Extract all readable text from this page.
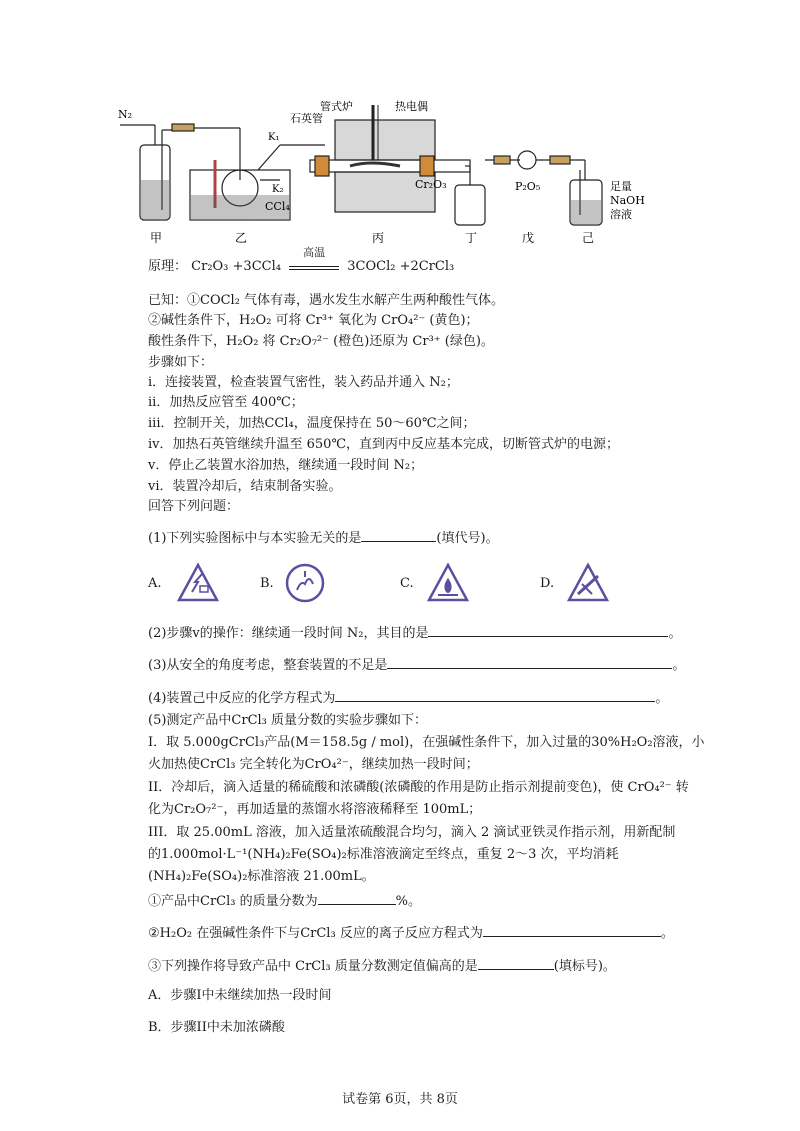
N₂
管式炉
石英管
热电偶
K₁
K₂
CCl₄
Cr₂O₃	P₂O₅	足量
NaOH
溶液
甲	乙	丙	丁	戊	己
原理： Cr₂O₃ +3CCl₄
高温
3COCl₂ +2CrCl₃
已知：①COCl₂ 气体有毒，遇水发生水解产生两种酸性气体。
②碱性条件下，H₂O₂ 可将 Cr³⁺ 氧化为 CrO₄²⁻ (黄色)；
酸性条件下，H₂O₂ 将 Cr₂O₇²⁻ (橙色)还原为 Cr³⁺ (绿色)。
步骤如下：
i．连接装置，检查装置气密性，装入药品并通入 N₂；
ii．加热反应管至 400℃；
iii．控制开关，加热CCl₄，温度保持在 50～60℃之间；
iv．加热石英管继续升温至 650℃，直到丙中反应基本完成，切断管式炉的电源；
v．停止乙装置水浴加热，继续通一段时间 N₂；
vi．装置冷却后，结束制备实验。
回答下列问题：
(1)下列实验图标中与本实验无关的是	(填代号)。
A.	B.	C.	D.
(2)步骤v的操作：继续通一段时间 N₂，其目的是	。
(3)从安全的角度考虑，整套装置的不足是	。
(4)装置己中反应的化学方程式为	。
(5)测定产品中CrCl₃ 质量分数的实验步骤如下：
I．取 5.000gCrCl₃产品(M＝158.5g / mol)，在强碱性条件下，加入过量的30%H₂O₂溶液，小
火加热使CrCl₃ 完全转化为CrO₄²⁻，继续加热一段时间；
II．冷却后，滴入适量的稀硫酸和浓磷酸(浓磷酸的作用是防止指示剂提前变色)，使 CrO₄²⁻ 转
化为Cr₂O₇²⁻，再加适量的蒸馏水将溶液稀释至 100mL；
III．取 25.00mL 溶液，加入适量浓硫酸混合均匀，滴入 2 滴试亚铁灵作指示剂，用新配制
的1.000mol·L⁻¹(NH₄)₂Fe(SO₄)₂标准溶液滴定至终点，重复 2～3 次，平均消耗
(NH₄)₂Fe(SO₄)₂标准溶液 21.00mL。
①产品中CrCl₃ 的质量分数为	%。
②H₂O₂ 在强碱性条件下与CrCl₃ 反应的离子反应方程式为	。
③下列操作将导致产品中 CrCl₃ 质量分数测定值偏高的是	(填标号)。
A．步骤I中未继续加热一段时间
B．步骤II中未加浓磷酸
试卷第 6页，共 8页
